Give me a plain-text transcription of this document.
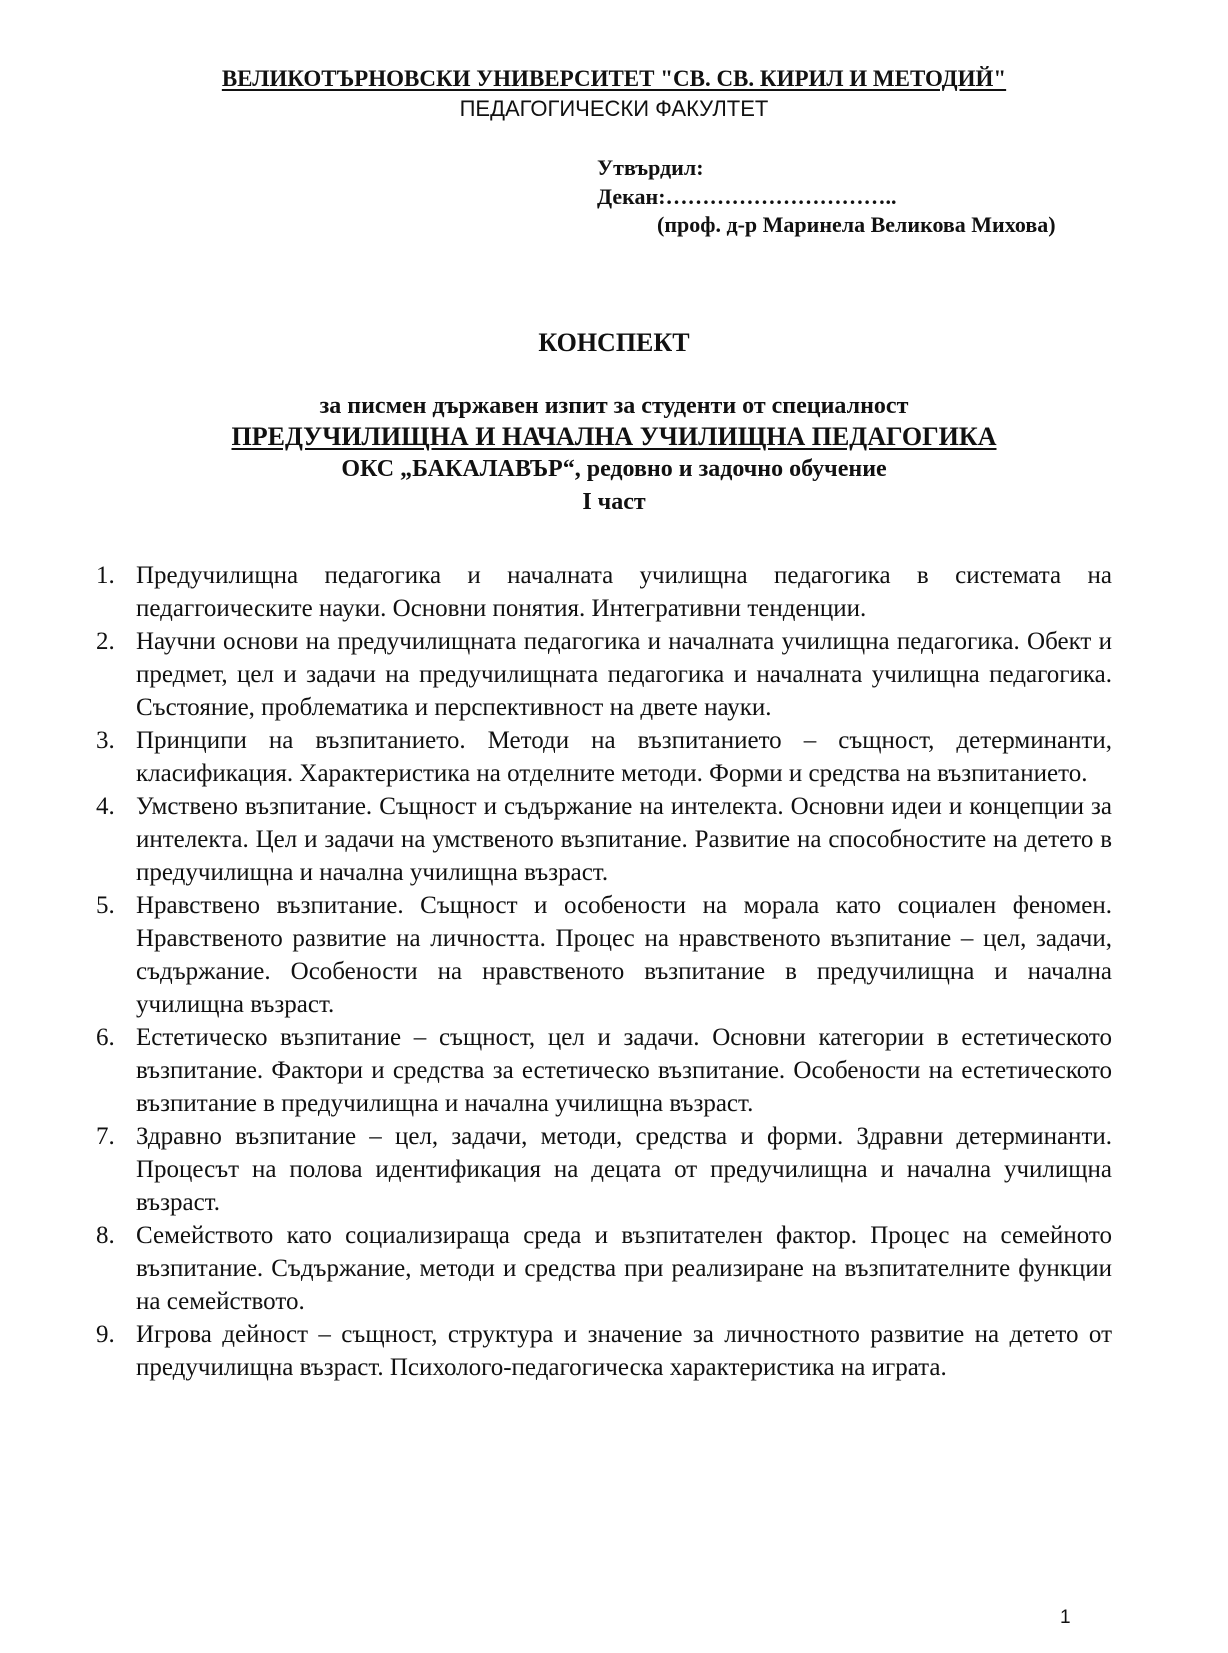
ВЕЛИКОТЪРНОВСКИ УНИВЕРСИТЕТ "СВ. СВ. КИРИЛ И МЕТОДИЙ"
ПЕДАГОГИЧЕСКИ ФАКУЛТЕТ
Утвърдил:
Декан:…………………………..
(проф. д-р Маринела Великова Михова)
КОНСПЕКТ
за писмен държавен изпит за студенти от специалност
ПРЕДУЧИЛИЩНА И НАЧАЛНА УЧИЛИЩНА ПЕДАГОГИКА
ОКС „БАКАЛАВЪР“, редовно и задочно обучение
I част
1. Предучилищна педагогика и началната училищна педагогика в системата на педаггоическите науки. Основни понятия. Интегративни тенденции.
2. Научни основи на предучилищната педагогика и началната училищна педагогика. Обект и предмет, цел и задачи на предучилищната педагогика и началната училищна педагогика. Състояние, проблематика и перспективност на двете науки.
3. Принципи на възпитанието. Методи на възпитанието – същност, детерминанти, класификация. Характеристика на отделните методи. Форми и средства на възпитанието.
4. Умствено възпитание. Същност и съдържание на интелекта. Основни идеи и концепции за интелекта. Цел и задачи на умственото възпитание. Развитие на способностите на детето в предучилищна и начална училищна възраст.
5. Нравствено възпитание. Същност и особености на морала като социален феномен. Нравственото развитие на личността. Процес на нравственото възпитание – цел, задачи, съдържание. Особености на нравственото възпитание в предучилищна и начална училищна възраст.
6. Естетическо възпитание – същност, цел и задачи. Основни категории в естетическото възпитание. Фактори и средства за естетическо възпитание. Особености на естетическото възпитание в предучилищна и начална училищна възраст.
7. Здравно възпитание – цел, задачи, методи, средства и форми. Здравни детерминанти. Процесът на полова идентификация на децата от предучилищна и начална училищна възраст.
8. Семейството като социализираща среда и възпитателен фактор. Процес на семейното възпитание. Съдържание, методи и средства при реализиране на възпитателните функции на семейството.
9. Игрова дейност – същност, структура и значение за личностното развитие на детето от предучилищна възраст. Психолого-педагогическа характеристика на играта.
1
